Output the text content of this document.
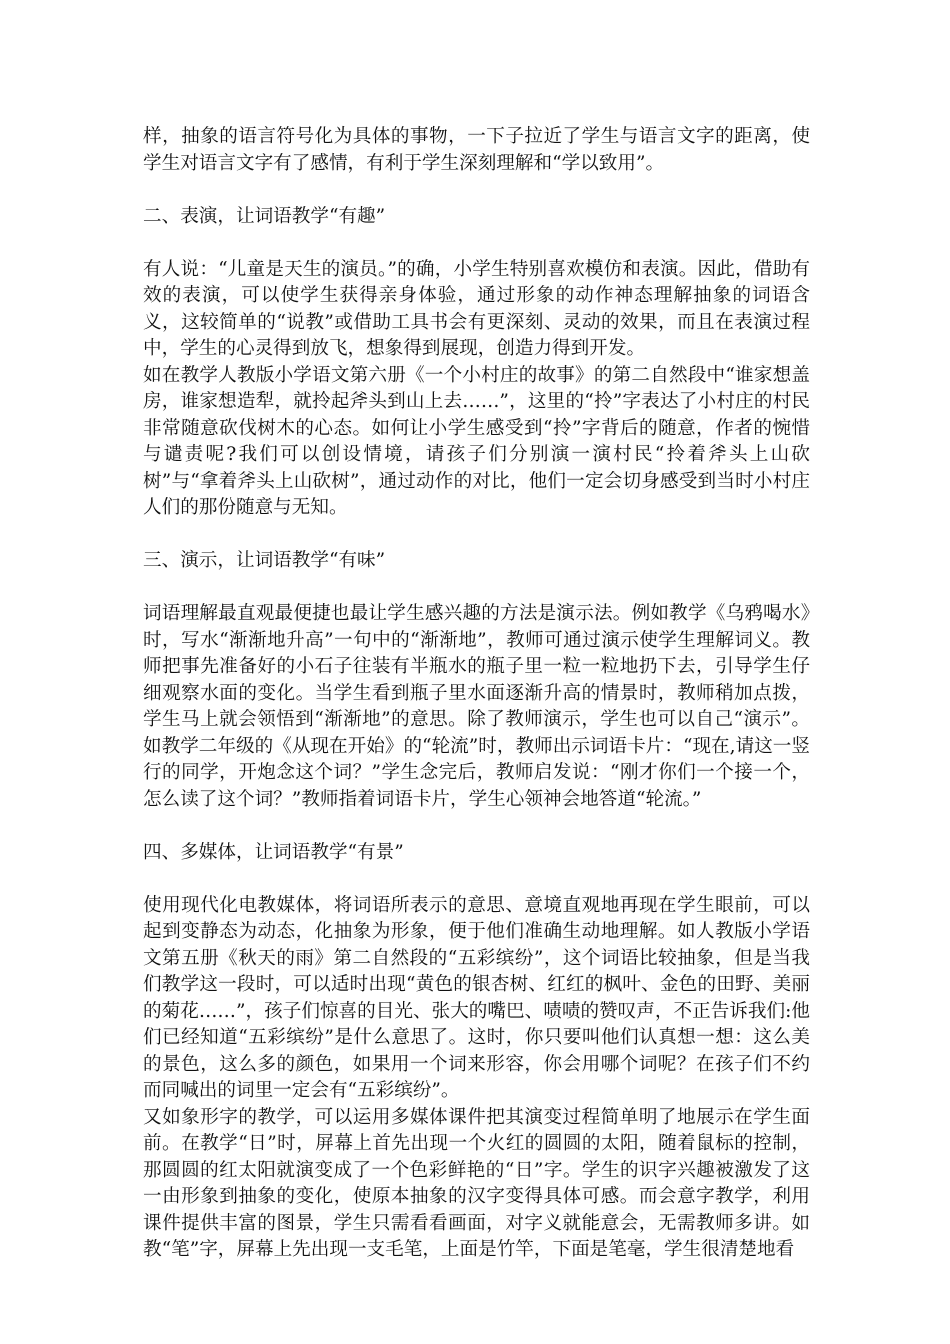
样，抽象的语言符号化为具体的事物，一下子拉近了学生与语言文字的距离，使学生对语言文字有了感情，有利于学生深刻理解和“学以致用”。

二、表演，让词语教学“有趣”

有人说：“儿童是天生的演员。”的确，小学生特别喜欢模仿和表演。因此，借助有效的表演，可以使学生获得亲身体验，通过形象的动作神态理解抽象的词语含义，这较简单的“说教”或借助工具书会有更深刻、灵动的效果，而且在表演过程中，学生的心灵得到放飞，想象得到展现，创造力得到开发。

如在教学人教版小学语文第六册《一个小村庄的故事》的第二自然段中“谁家想盖房，谁家想造犁，就拎起斧头到山上去……”，这里的“拎”字表达了小村庄的村民非常随意砍伐树木的心态。如何让小学生感受到“拎”字背后的随意，作者的惋惜与谴责呢?我们可以创设情境，请孩子们分别演一演村民“拎着斧头上山砍树”与“拿着斧头上山砍树”，通过动作的对比，他们一定会切身感受到当时小村庄人们的那份随意与无知。

三、演示，让词语教学“有味”

词语理解最直观最便捷也最让学生感兴趣的方法是演示法。例如教学《乌鸦喝水》时，写水“渐渐地升高”一句中的“渐渐地”，教师可通过演示使学生理解词义。教师把事先准备好的小石子往装有半瓶水的瓶子里一粒一粒地扔下去，引导学生仔细观察水面的变化。当学生看到瓶子里水面逐渐升高的情景时，教师稍加点拨，学生马上就会领悟到“渐渐地”的意思。除了教师演示，学生也可以自己“演示”。如教学二年级的《从现在开始》的“轮流”时，教师出示词语卡片：“现在,请这一竖行的同学，开炮念这个词？”学生念完后，教师启发说：“刚才你们一个接一个，怎么读了这个词？”教师指着词语卡片，学生心领神会地答道“轮流。”

四、多媒体，让词语教学“有景”

使用现代化电教媒体，将词语所表示的意思、意境直观地再现在学生眼前，可以起到变静态为动态，化抽象为形象，便于他们准确生动地理解。如人教版小学语文第五册《秋天的雨》第二自然段的“五彩缤纷”，这个词语比较抽象，但是当我们教学这一段时，可以适时出现“黄色的银杏树、红红的枫叶、金色的田野、美丽的菊花……”，孩子们惊喜的目光、张大的嘴巴、啧啧的赞叹声，不正告诉我们:他们已经知道“五彩缤纷”是什么意思了。这时，你只要叫他们认真想一想：这么美的景色，这么多的颜色，如果用一个词来形容，你会用哪个词呢？在孩子们不约而同喊出的词里一定会有“五彩缤纷”。

又如象形字的教学，可以运用多媒体课件把其演变过程简单明了地展示在学生面前。在教学“日”时，屏幕上首先出现一个火红的圆圆的太阳，随着鼠标的控制，那圆圆的红太阳就演变成了一个色彩鲜艳的“日”字。学生的识字兴趣被激发了这一由形象到抽象的变化，使原本抽象的汉字变得具体可感。而会意字教学，利用课件提供丰富的图景，学生只需看看画面，对字义就能意会，无需教师多讲。如教“笔”字，屏幕上先出现一支毛笔，上面是竹竿，下面是笔毫，学生很清楚地看
